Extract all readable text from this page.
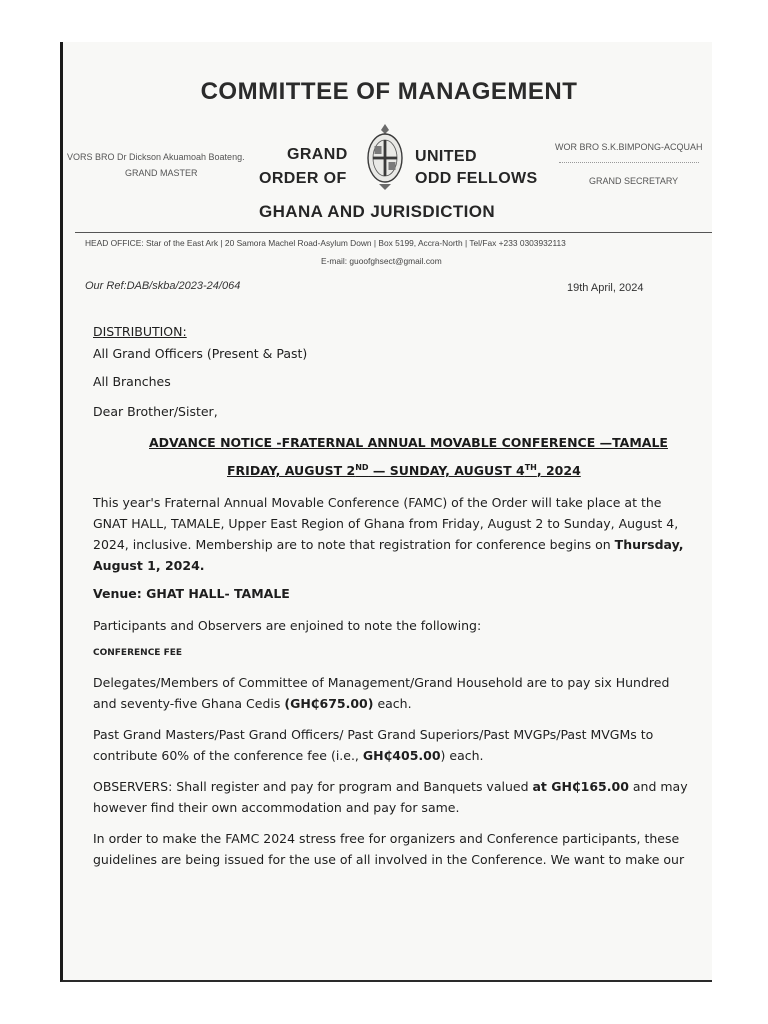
COMMITTEE OF MANAGEMENT
VORS BRO Dr Dickson Akuamoah Boateng.
GRAND MASTER
GRAND
ORDER OF
UNITED
ODD FELLOWS
WOR BRO S.K.BIMPONG-ACQUAH
GRAND SECRETARY
GHANA AND JURISDICTION
HEAD OFFICE: Star of the East Ark | 20 Samora Machel Road-Asylum Down | Box 5199, Accra-North | Tel/Fax +233 0303932113
E-mail: guoofghsect@gmail.com
Our Ref:DAB/skba/2023-24/064	19th April, 2024
DISTRIBUTION:
All Grand Officers (Present & Past)
All Branches
Dear Brother/Sister,
ADVANCE NOTICE -FRATERNAL ANNUAL MOVABLE CONFERENCE —TAMALE
FRIDAY, AUGUST 2ND — SUNDAY, AUGUST 4TH, 2024
This year's Fraternal Annual Movable Conference (FAMC) of the Order will take place at the GNAT HALL, TAMALE, Upper East Region of Ghana from Friday, August 2 to Sunday, August 4, 2024, inclusive. Membership are to note that registration for conference begins on Thursday, August 1, 2024.
Venue: GHAT HALL- TAMALE
Participants and Observers are enjoined to note the following:
CONFERENCE FEE
Delegates/Members of Committee of Management/Grand Household are to pay six Hundred and seventy-five Ghana Cedis (GH₵675.00) each.
Past Grand Masters/Past Grand Officers/ Past Grand Superiors/Past MVGPs/Past MVGMs to contribute 60% of the conference fee (i.e., GH₵405.00) each.
OBSERVERS: Shall register and pay for program and Banquets valued at GH₵165.00 and may however find their own accommodation and pay for same.
In order to make the FAMC 2024 stress free for organizers and Conference participants, these guidelines are being issued for the use of all involved in the Conference. We want to make our
